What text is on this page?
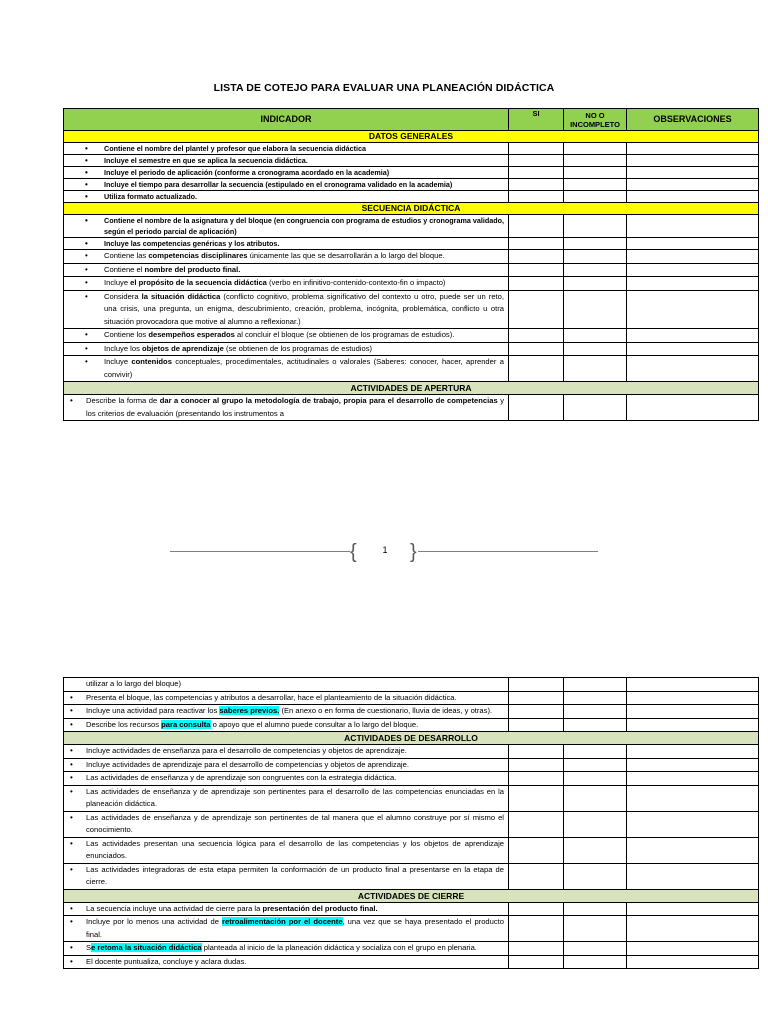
LISTA DE COTEJO PARA EVALUAR UNA PLANEACIÓN DIDÁCTICA
INDICADOR	SI	NO O INCOMPLETO	OBSERVACIONES
DATOS GENERALES			
• Contiene el nombre del plantel y profesor que elabora la secuencia didáctica			
• Incluye el semestre en que se aplica la secuencia didáctica.			
• Incluye el periodo de aplicación (conforme a cronograma acordado en la academia)			
• Incluye el tiempo para desarrollar la secuencia (estipulado en el cronograma validado en la academia)			
• Utiliza formato actualizado.			
SECUENCIA DIDÁCTICA			
• Contiene el nombre de la asignatura y del bloque (en congruencia con programa de estudios y cronograma validado, según el periodo parcial de aplicación)			
• Incluye las competencias genéricas y los atributos.			
• Contiene las competencias disciplinares únicamente las que se desarrollarán a lo largo del bloque.			
• Contiene el nombre del producto final.			
• Incluye el propósito de la secuencia didáctica (verbo en infinitivo-contenido-contexto-fin o impacto)			
• Considera la situación didáctica (conflicto cognitivo, problema significativo del contexto u otro, puede ser un reto, una crisis, una pregunta, un enigma, descubrimiento, creación, problema, incógnita, problemática, conflicto u otra situación provocadora que motive al alumno a reflexionar.)			
• Contiene los desempeños esperados al concluir el bloque (se obtienen de los programas de estudios).			
• Incluye los objetos de aprendizaje (se obtienen de los programas de estudios)			
• Incluye contenidos conceptuales, procedimentales, actitudinales o valorales (Saberes: conocer, hacer, aprender a convivir)			
ACTIVIDADES DE APERTURA			
• Describe la forma de dar a conocer al grupo la metodología de trabajo, propia para el desarrollo de competencias y los criterios de evaluación (presentando los instrumentos a			
{	1	}
utilizar a lo largo del bloque)			
• Presenta el bloque, las competencias y atributos a desarrollar, hace el planteamiento de la situación didáctica.			
• Incluye una actividad para reactivar los saberes previos. (En anexo o en forma de cuestionario, lluvia de ideas, y otras).			
• Describe los recursos para consulta o apoyo que el alumno puede consultar a lo largo del bloque.			
ACTIVIDADES DE DESARROLLO			
• Incluye actividades de enseñanza para el desarrollo de competencias y objetos de aprendizaje.			
• Incluye actividades de aprendizaje para el desarrollo de competencias y objetos de aprendizaje.			
• Las actividades de enseñanza y de aprendizaje son congruentes con la estrategia didáctica.			
• Las actividades de enseñanza y de aprendizaje son pertinentes para el desarrollo de las competencias enunciadas en la planeación didáctica.			
• Las actividades de enseñanza y de aprendizaje son pertinentes de tal manera que el alumno construye por sí mismo el conocimiento.			
• Las actividades presentan una secuencia lógica para el desarrollo de las competencias y los objetos de aprendizaje enunciados.			
• Las actividades integradoras de esta etapa permiten la conformación de un producto final a presentarse en la etapa de cierre.			
ACTIVIDADES DE CIERRE			
• La secuencia incluye una actividad de cierre para la presentación del producto final.			
• Incluye por lo menos una actividad de retroalimentación por el docente, una vez que se haya presentado el producto final.			
• Se retoma la situación didáctica planteada al inicio de la planeación didáctica y socializa con el grupo en plenaria.			
• El docente puntualiza, concluye y aclara dudas.			
